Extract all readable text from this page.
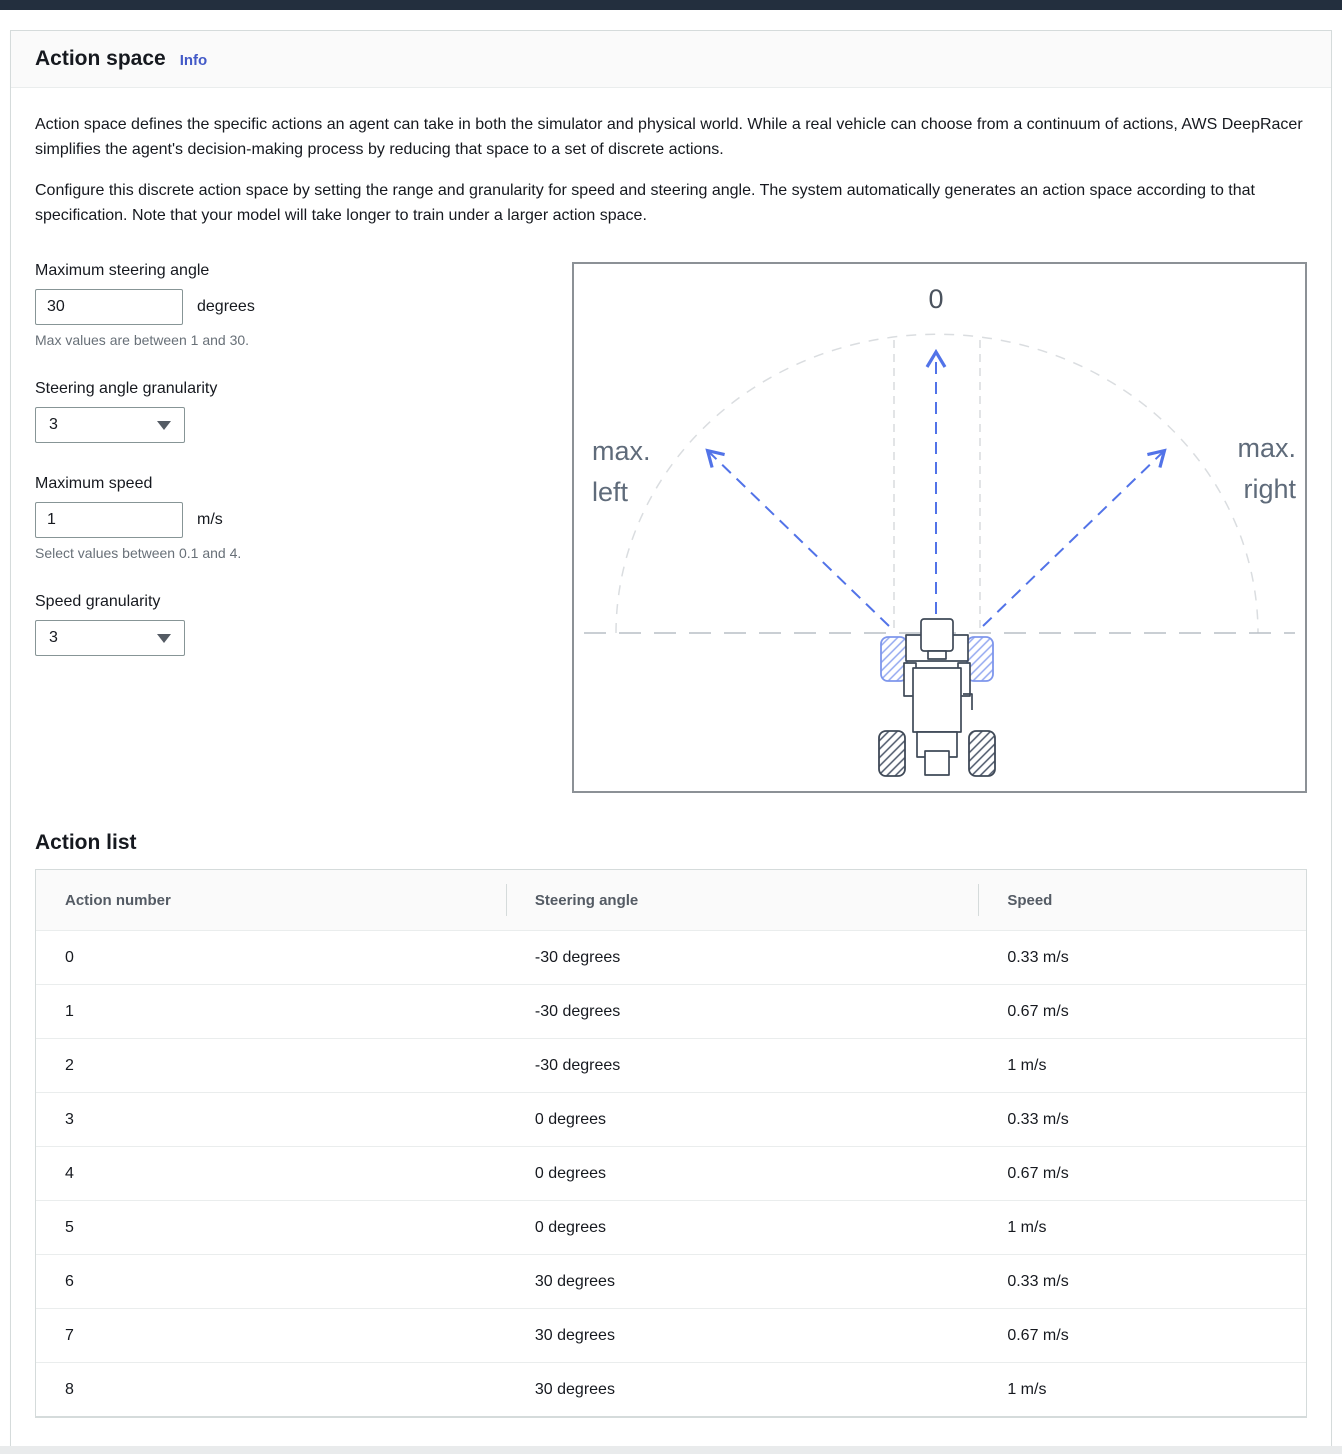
Action space Info

Action space defines the specific actions an agent can take in both the simulator and physical world. While a real vehicle can choose from a continuum of actions, AWS DeepRacer simplifies the agent's decision-making process by reducing that space to a set of discrete actions.

Configure this discrete action space by setting the range and granularity for speed and steering angle. The system automatically generates an action space according to that specification. Note that your model will take longer to train under a larger action space.

Maximum steering angle
30
degrees
Max values are between 1 and 30.
Steering angle granularity
3
Maximum speed
1
m/s
Select values between 0.1 and 4.
Speed granularity
3
0
max.
left
max.
right
Action list
Action number	Steering angle	Speed
0	-30 degrees	0.33 m/s
1	-30 degrees	0.67 m/s
2	-30 degrees	1 m/s
3	0 degrees	0.33 m/s
4	0 degrees	0.67 m/s
5	0 degrees	1 m/s
6	30 degrees	0.33 m/s
7	30 degrees	0.67 m/s
8	30 degrees	1 m/s
